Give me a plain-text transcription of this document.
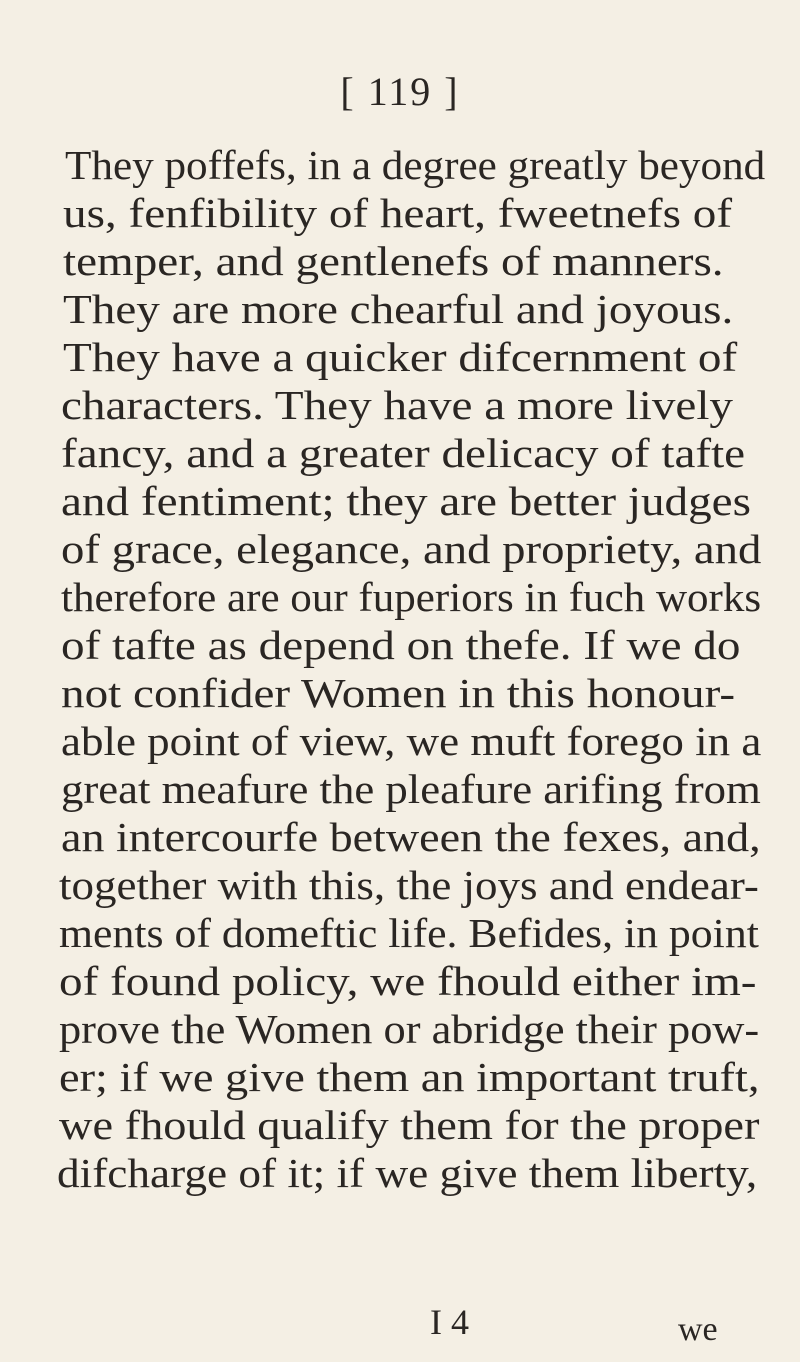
[ 119 ]
They poffefs, in a degree greatly beyond
us, fenfibility of heart, fweetnefs of
temper, and gentlenefs of manners.
They are more chearful and joyous.
They have a quicker difcernment of
characters. They have a more lively
fancy, and a greater delicacy of tafte
and fentiment; they are better judges
of grace, elegance, and propriety, and
therefore are our fuperiors in fuch works
of tafte as depend on thefe. If we do
not confider Women in this honour-
able point of view, we muft forego in a
great meafure the pleafure arifing from
an intercourfe between the fexes, and,
together with this, the joys and endear-
ments of domeftic life. Befides, in point
of found policy, we fhould either im-
prove the Women or abridge their pow-
er; if we give them an important truft,
we fhould qualify them for the proper
difcharge of it; if we give them liberty,
I 4	we
